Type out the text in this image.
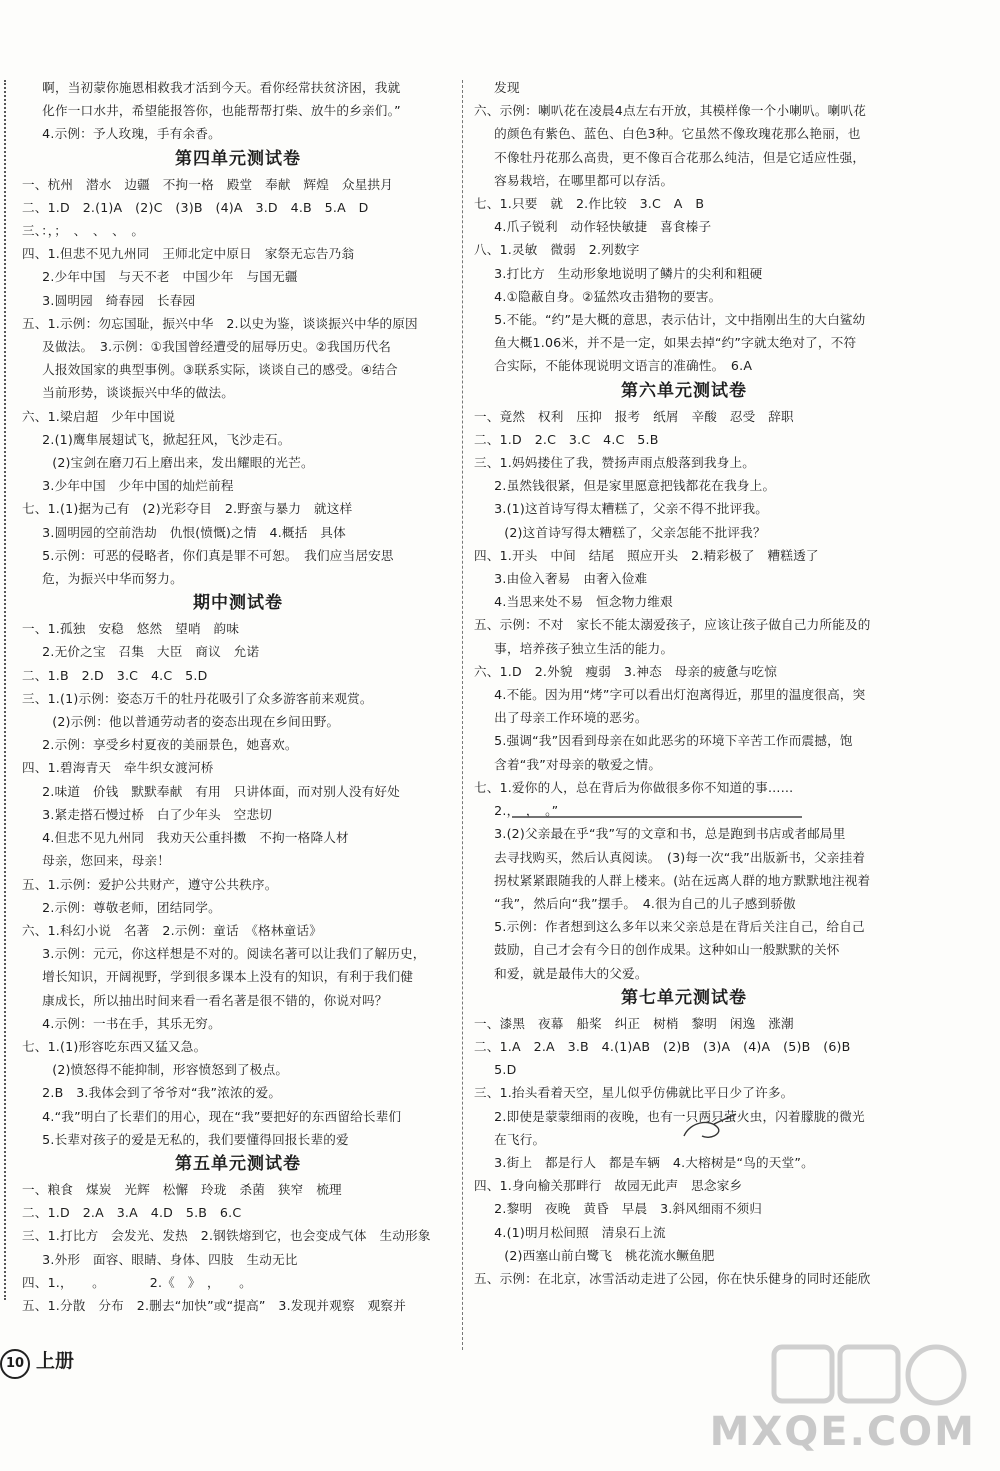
啊，当初蒙你施恩相救我才活到今天。看你经常扶贫济困，我就
化作一口水井，希望能报答你，也能帮帮打柴、放牛的乡亲们。”
4.示例：予人玫瑰，手有余香。
第四单元测试卷
一、杭州　潜水　边疆　不拘一格　殿堂　奉献　辉煌　众星拱月
二、1.D　2.(1)A　(2)C　(3)B　(4)A　3.D　4.B　5.A　D
三、：，；　、　、　、　。
四、1.但悲不见九州同　王师北定中原日　家祭无忘告乃翁
2.少年中国　与天不老　中国少年　与国无疆
3.圆明园　绮春园　长春园
五、1.示例：勿忘国耻，振兴中华　2.以史为鉴，谈谈振兴中华的原因
及做法。　3.示例：①我国曾经遭受的屈辱历史。②我国历代名
人报效国家的典型事例。③联系实际，谈谈自己的感受。④结合
当前形势，谈谈振兴中华的做法。
六、1.梁启超　少年中国说
2.(1)鹰隼展翅试飞，掀起狂风，飞沙走石。
(2)宝剑在磨刀石上磨出来，发出耀眼的光芒。
3.少年中国　少年中国的灿烂前程
七、1.(1)据为己有　(2)光彩夺目　2.野蛮与暴力　就这样
3.圆明园的空前浩劫　仇恨(愤慨)之情　4.概括　具体
5.示例：可恶的侵略者，你们真是罪不可恕。　我们应当居安思
危，为振兴中华而努力。
期中测试卷
一、1.孤独　安稳　悠然　望哨　韵味
2.无价之宝　召集　大臣　商议　允诺
二、1.B　2.D　3.C　4.C　5.D
三、1.(1)示例：姿态万千的牡丹花吸引了众多游客前来观赏。
(2)示例：他以普通劳动者的姿态出现在乡间田野。
2.示例：享受乡村夏夜的美丽景色，她喜欢。
四、1.碧海青天　牵牛织女渡河桥
2.味道　价钱　默默奉献　有用　只讲体面，而对别人没有好处
3.紧走搭石慢过桥　白了少年头　空悲切
4.但悲不见九州同　我劝天公重抖擞　不拘一格降人材
母亲，您回来，母亲！
五、1.示例：爱护公共财产，遵守公共秩序。
2.示例：尊敬老师，团结同学。
六、1.科幻小说　名著　2.示例：童话　《格林童话》
3.示例：元元，你这样想是不对的。阅读名著可以让我们了解历史，
增长知识，开阔视野，学到很多课本上没有的知识，有利于我们健
康成长，所以抽出时间来看一看名著是很不错的，你说对吗？
4.示例：一书在手，其乐无穷。
七、1.(1)形容吃东西又猛又急。
(2)愤怒得不能抑制，形容愤怒到了极点。
2.B　3.我体会到了爷爷对“我”浓浓的爱。
4.“我”明白了长辈们的用心，现在“我”要把好的东西留给长辈们
5.长辈对孩子的爱是无私的，我们要懂得回报长辈的爱
第五单元测试卷
一、粮食　煤炭　光辉　松懈　玲珑　杀菌　狭窄　梳理
二、1.D　2.A　3.A　4.D　5.B　6.C
三、1.打比方　会发光、发热　2.钢铁熔到它，也会变成气体　生动形象
3.外形　面容、眼睛、身体、四肢　生动无比
四、1.，　　。　　　　2.《　》　，　　。
五、1.分散　分布　2.删去“加快”或“提高”　3.发现并观察　观察并
发现
六、示例：喇叭花在凌晨4点左右开放，其模样像一个小喇叭。喇叭花
的颜色有紫色、蓝色、白色3种。它虽然不像玫瑰花那么艳丽，也
不像牡丹花那么高贵，更不像百合花那么纯洁，但是它适应性强，
容易栽培，在哪里都可以存活。
七、1.只要　就　2.作比较　3.C　A　B
4.爪子锐利　动作轻快敏捷　喜食榛子
八、1.灵敏　微弱　2.列数字
3.打比方　生动形象地说明了鳞片的尖利和粗硬
4.①隐蔽自身。②猛然攻击猎物的要害。
5.不能。“约”是大概的意思，表示估计，文中指刚出生的大白鲨幼
鱼大概1.06米，并不是一定，如果去掉“约”字就太绝对了，不符
合实际，不能体现说明文语言的准确性。　6.A
第六单元测试卷
一、竟然　权利　压抑　报考　纸屑　辛酸　忍受　辞职
二、1.D　2.C　3.C　4.C　5.B
三、1.妈妈搂住了我，赞扬声雨点般落到我身上。
2.虽然钱很紧，但是家里愿意把钱都花在我身上。
3.(1)这首诗写得太糟糕了，父亲不得不批评我。
(2)这首诗写得太糟糕了，父亲怎能不批评我？
四、1.开头　中间　结尾　照应开头　2.精彩极了　糟糕透了
3.由俭入奢易　由奢入俭难
4.当思来处不易　恒念物力维艰
五、示例：不对　家长不能太溺爱孩子，应该让孩子做自己力所能及的
事，培养孩子独立生活的能力。
六、1.D　2.外貌　瘦弱　3.神态　母亲的疲惫与吃惊
4.不能。因为用“烤”字可以看出灯泡离得近，那里的温度很高，突
出了母亲工作环境的恶劣。
5.强调“我”因看到母亲在如此恶劣的环境下辛苦工作而震撼，饱
含着“我”对母亲的敬爱之情。
七、1.爱你的人，总在背后为你做很多你不知道的事……
2.，　，　。”
3.(2)父亲最在乎“我”写的文章和书，总是跑到书店或者邮局里
去寻找购买，然后认真阅读。　(3)每一次“我”出版新书，父亲挂着
拐杖紧紧跟随我的人群上楼来。(站在远离人群的地方默默地注视着
“我”，然后向“我”摆手。　4.很为自己的儿子感到骄傲
5.示例：作者想到这么多年以来父亲总是在背后关注自己，给自己
鼓励，自己才会有今日的创作成果。这种如山一般默默的关怀
和爱，就是最伟大的父爱。
第七单元测试卷
一、漆黑　夜幕　船桨　纠正　树梢　黎明　闲逸　涨潮
二、1.A　2.A　3.B　4.(1)AB　(2)B　(3)A　(4)A　(5)B　(6)B
5.D
三、1.抬头看着天空，星儿似乎仿佛就比平日少了许多。
2.即使是蒙蒙细雨的夜晚，也有一只两只萤火虫，闪着朦胧的微光
在飞行。
3.街上　都是行人　都是车辆　4.大榕树是“鸟的天堂”。
四、1.身向榆关那畔行　故园无此声　思念家乡
2.黎明　夜晚　黄昏　早晨　3.斜风细雨不须归
4.(1)明月松间照　清泉石上流
(2)西塞山前白鹭飞　桃花流水鳜鱼肥
五、示例：在北京，冰雪活动走进了公园，你在快乐健身的同时还能欣
10 上册
MXQE.COM
